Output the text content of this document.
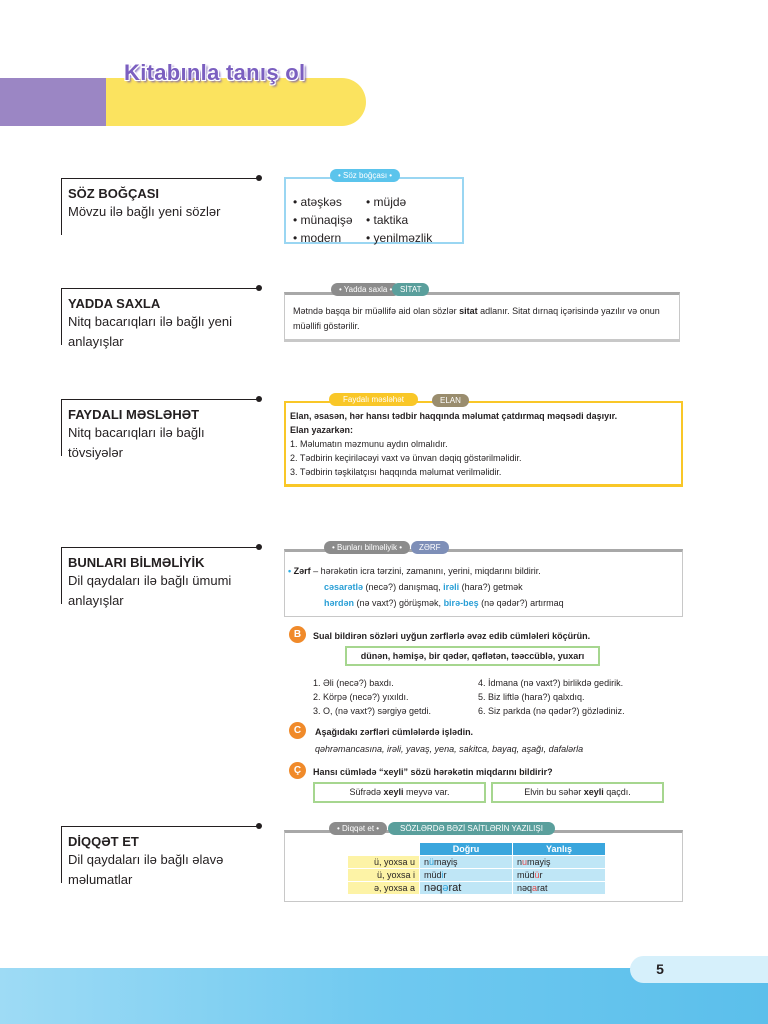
Kitabınla tanış ol
SÖZ BOĞÇASI
Mövzu ilə bağlı yeni sözlər
YADDA SAXLA
Nitq bacarıqları ilə bağlı yeni
anlayışlar
FAYDALI MƏSLƏHƏT
Nitq bacarıqları ilə bağlı
tövsiyələr
BUNLARI BİLMƏLİYİK
Dil qaydaları ilə bağlı ümumi
anlayışlar
DİQQƏT ET
Dil qaydaları ilə bağlı əlavə
məlumatlar
• atəşkəs
• münaqişə
• modern
• müjdə
• taktika
• yenilməzlik
• Söz boğçası •
Mətndə başqa bir müəllifə aid olan sözlər sitat adlanır. Sitat dırnaq içərisində yazılır və onun müəllifi göstərilir.
• Yadda saxla • SİTAT
Elan, əsasən, hər hansı tədbir haqqında məlumat çatdırmaq məqsədi daşıyır.
Elan yazarkən:
1. Məlumatın məzmunu aydın olmalıdır.
2. Tədbirin keçiriləcəyi vaxt və ünvan dəqiq göstərilməlidir.
3. Tədbirin təşkilatçısı haqqında məlumat verilməlidir.
Faydalı məsləhət	ELAN
• Zərf – hərəkətin icra tərzini, zamanını, yerini, miqdarını bildirir.
cəsarətlə (necə?) danışmaq, irəli (hara?) getmək
hərdən (nə vaxt?) görüşmək, birə-beş (nə qədər?) artırmaq
• Bunları bilməliyik •	ZƏRF
B	Sual bildirən sözləri uyğun zərflərlə əvəz edib cümləleri köçürün.
dünən, həmişə, bir qədər, qəflətən, təəccüblə, yuxarı
1. Əli (necə?) baxdı.
2. Körpə (necə?) yıxıldı.
3. O, (nə vaxt?) sərgiyə getdi.
4. İdmana (nə vaxt?) birlikdə gedirik.
5. Biz liftlə (hara?) qalxdıq.
6. Siz parkda (nə qədər?) gözlədiniz.
C	Aşağıdakı zərfləri cümlələrdə işlədin.
qəhrəmancasına, irəli, yavaş, yena, sakitca, bayaq, aşağı, dafalərla
Ç	Hansı cümlədə “xeyli” sözü hərəkətin miqdarını bildirir?
Süfrədə xeyli meyvə var.	Elvin bu səhər xeyli qaçdı.
• Diqqət et •	SÖZLƏRDƏ BƏZİ SAİTLƏRİN YAZILIŞI
	Doğru	Yanlış
ü, yoxsa u	nümayiş	numayiş
ü, yoxsa i	müdir	müdür
ə, yoxsa a	nəqərat	nəqarat
5
